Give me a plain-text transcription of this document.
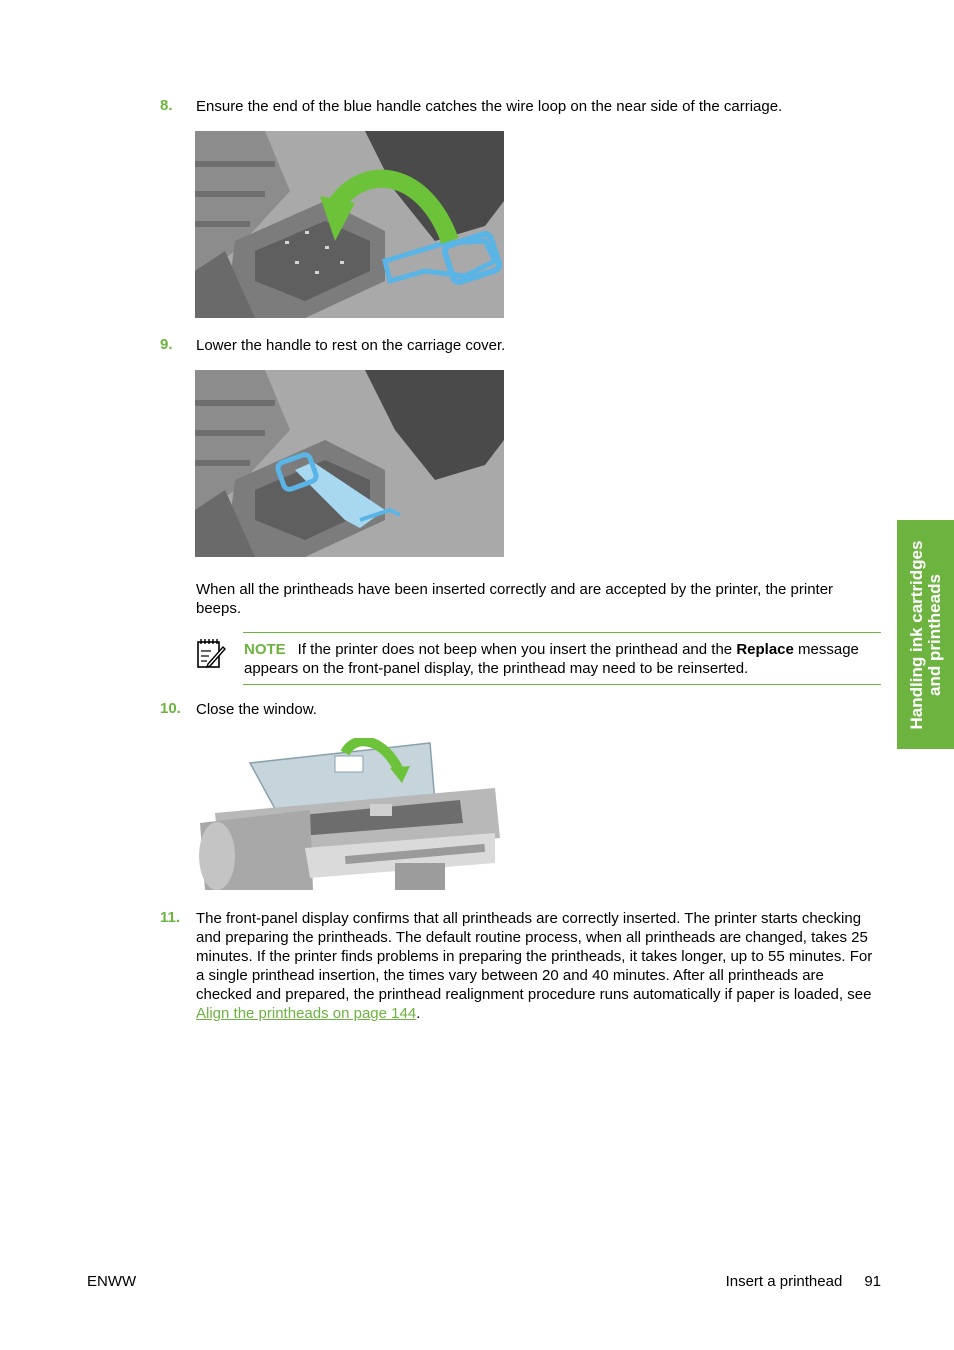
8. Ensure the end of the blue handle catches the wire loop on the near side of the carriage.
9. Lower the handle to rest on the carriage cover.
When all the printheads have been inserted correctly and are accepted by the printer, the printer beeps.
NOTE If the printer does not beep when you insert the printhead and the Replace message appears on the front-panel display, the printhead may need to be reinserted.
10. Close the window.
11. The front-panel display confirms that all printheads are correctly inserted. The printer starts checking and preparing the printheads. The default routine process, when all printheads are changed, takes 25 minutes. If the printer finds problems in preparing the printheads, it takes longer, up to 55 minutes. For a single printhead insertion, the times vary between 20 and 40 minutes. After all printheads are checked and prepared, the printhead realignment procedure runs automatically if paper is loaded, see Align the printheads on page 144.
Handling ink cartridges and printheads
ENWW	Insert a printhead 91
